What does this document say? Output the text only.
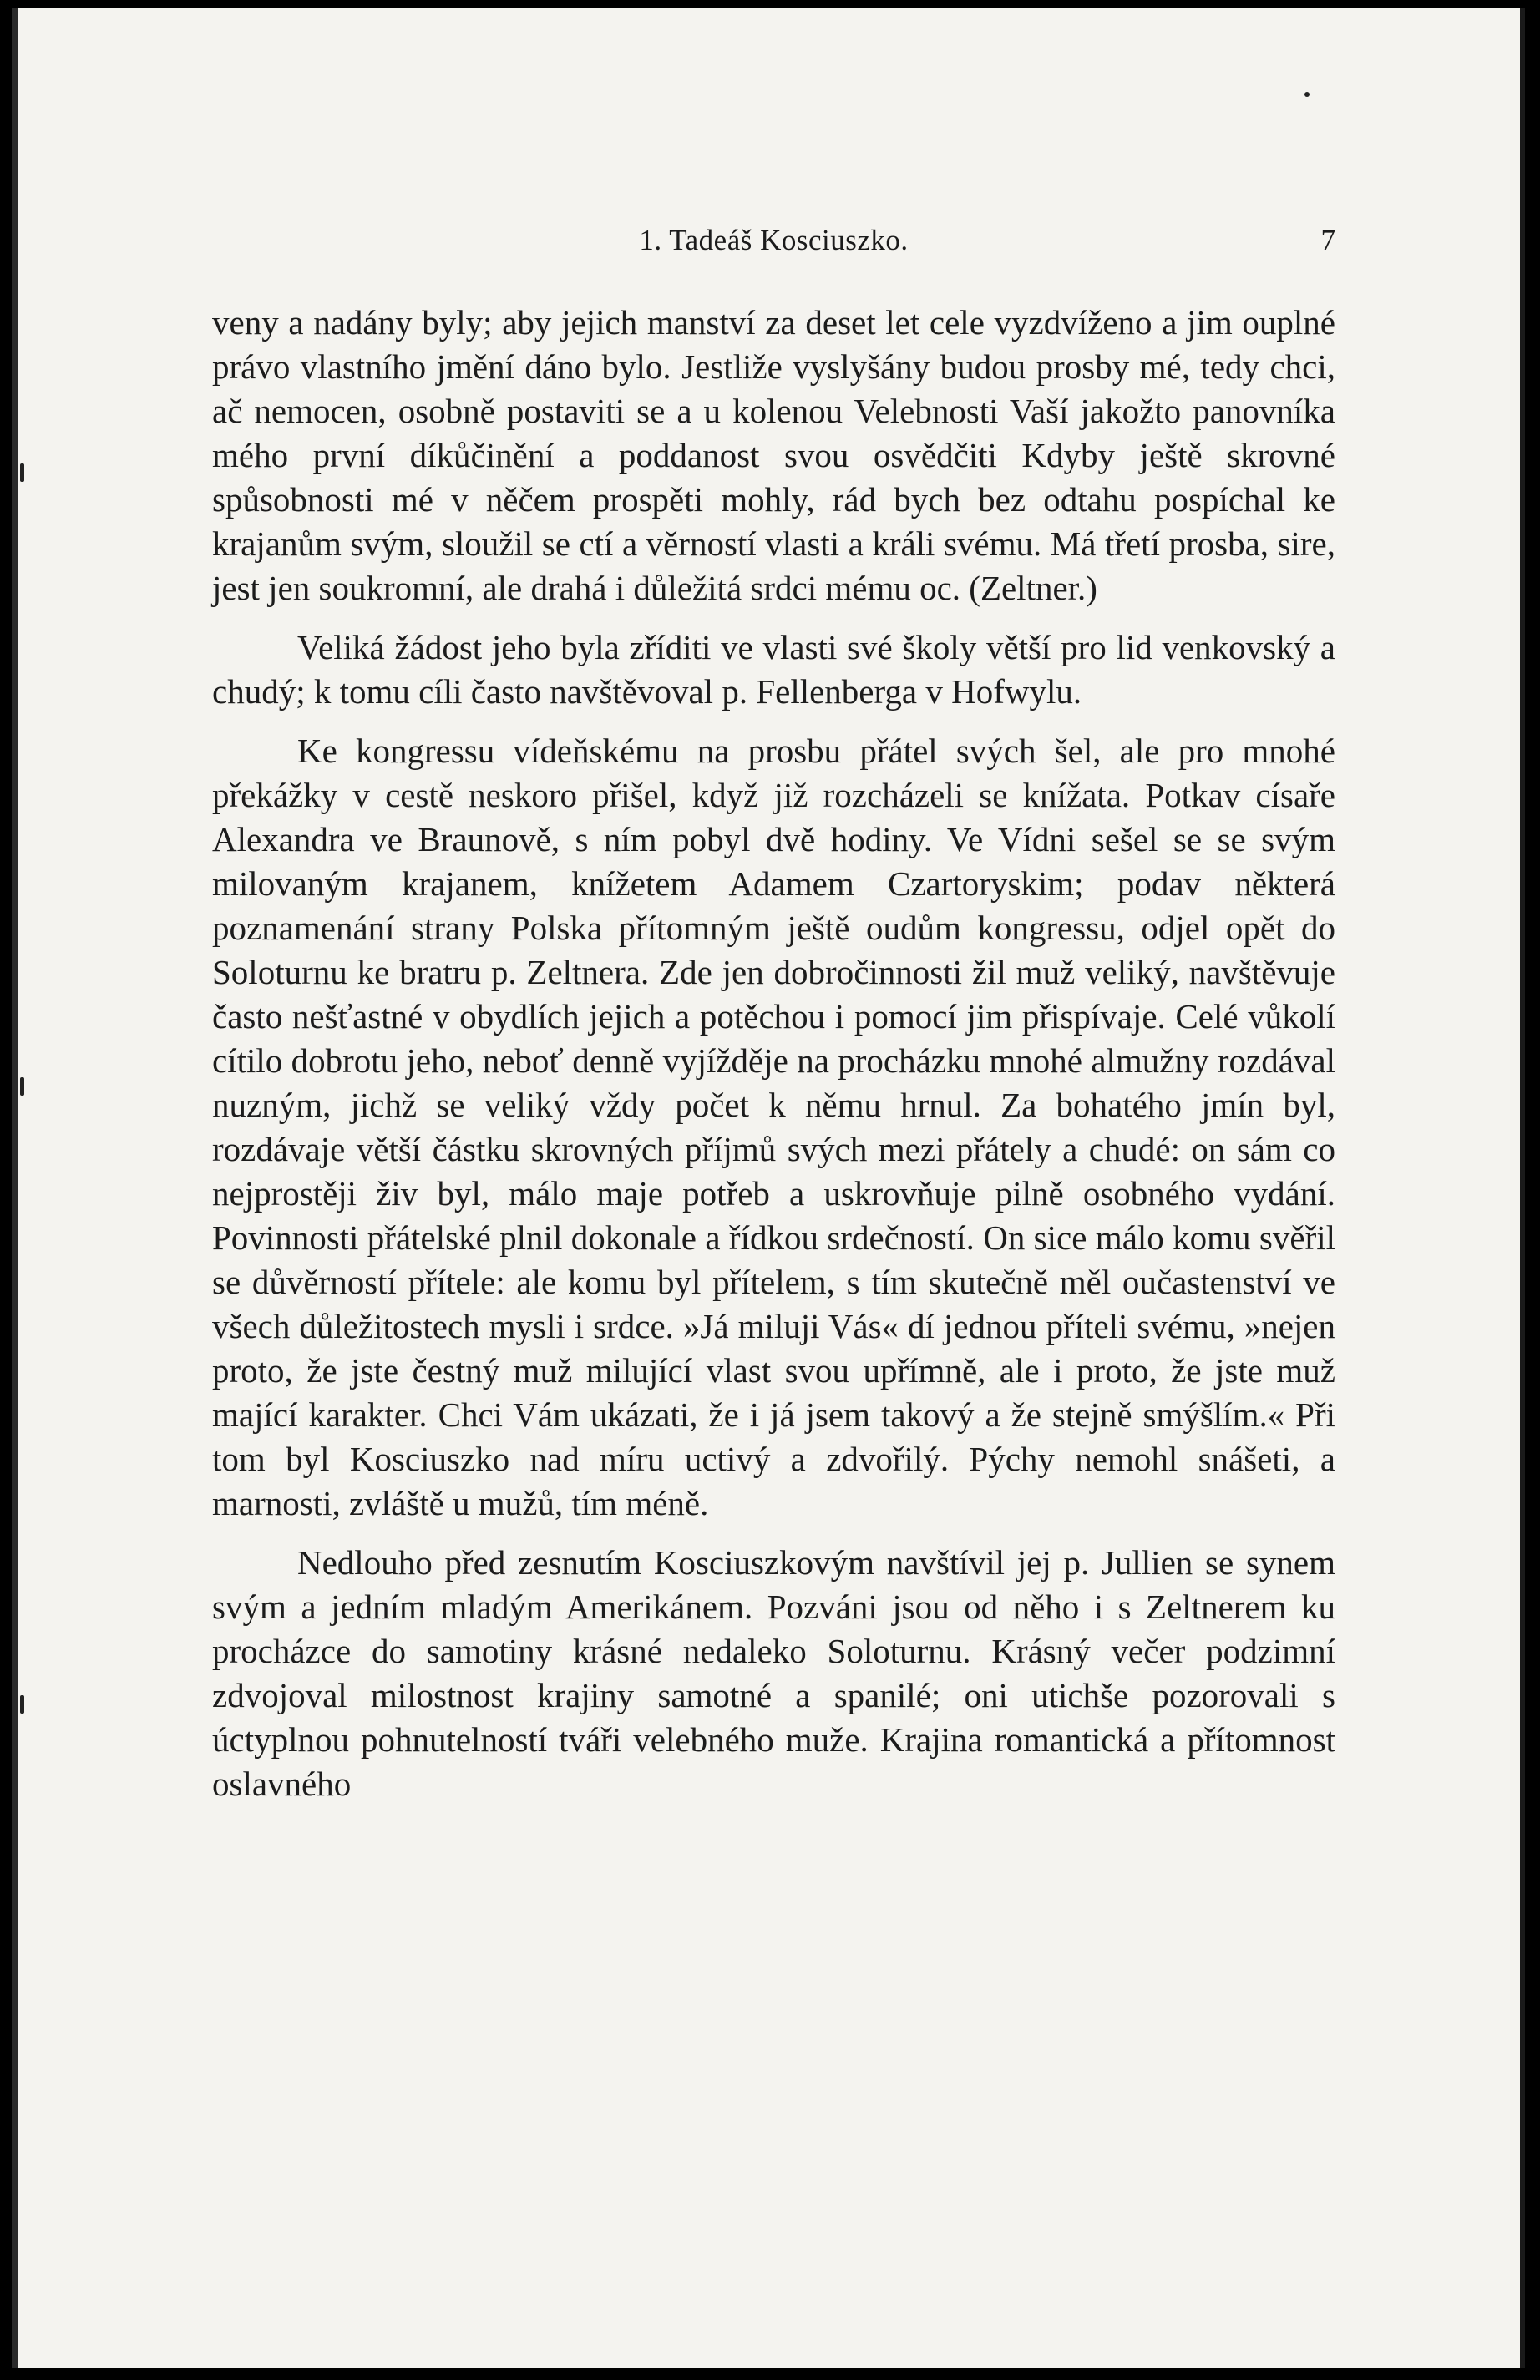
1. Tadeáš Kosciuszko.	7

veny a nadány byly; aby jejich manství za deset let cele vyzdvíženo a jim ouplné právo vlastního jmění dáno bylo. Jestliže vyslyšány budou prosby mé, tedy chci, ač nemocen, osobně postaviti se a u kolenou Velebnosti Vaší jakožto panovníka mého první díkůčinění a poddanost svou osvědčiti Kdyby ještě skrovné spůsobnosti mé v něčem prospěti mohly, rád bych bez odtahu pospíchal ke krajanům svým, sloužil se ctí a věrností vlasti a králi svému. Má třetí prosba, sire, jest jen soukromní, ale drahá i důležitá srdci mému oc. (Zeltner.)

Veliká žádost jeho byla zříditi ve vlasti své školy větší pro lid venkovský a chudý; k tomu cíli často navštěvoval p. Fellenberga v Hofwylu.

Ke kongressu vídeňskému na prosbu přátel svých šel, ale pro mnohé překážky v cestě neskoro přišel, když již rozcházeli se knížata. Potkav císaře Alexandra ve Braunově, s ním pobyl dvě hodiny. Ve Vídni sešel se se svým milovaným krajanem, knížetem Adamem Czartoryskim; podav některá poznamenání strany Polska přítomným ještě oudům kongressu, odjel opět do Soloturnu ke bratru p. Zeltnera. Zde jen dobročinnosti žil muž veliký, navštěvuje často nešťastné v obydlích jejich a potěchou i pomocí jim přispívaje. Celé vůkolí cítilo dobrotu jeho, neboť denně vyjížděje na procházku mnohé almužny rozdával nuzným, jichž se veliký vždy počet k němu hrnul. Za bohatého jmín byl, rozdávaje větší částku skrovných příjmů svých mezi přátely a chudé: on sám co nejprostěji živ byl, málo maje potřeb a uskrovňuje pilně osobného vydání. Povinnosti přátelské plnil dokonale a řídkou srdečností. On sice málo komu svěřil se důvěrností přítele: ale komu byl přítelem, s tím skutečně měl oučastenství ve všech důležitostech mysli i srdce. »Já miluji Vás« dí jednou příteli svému, »nejen proto, že jste čestný muž milující vlast svou upřímně, ale i proto, že jste muž mající karakter. Chci Vám ukázati, že i já jsem takový a že stejně smýšlím.« Při tom byl Kosciuszko nad míru uctivý a zdvořilý. Pýchy nemohl snášeti, a marnosti, zvláště u mužů, tím méně.

Nedlouho před zesnutím Kosciuszkovým navštívil jej p. Jullien se synem svým a jedním mladým Amerikánem. Pozváni jsou od něho i s Zeltnerem ku procházce do samotiny krásné nedaleko Soloturnu. Krásný večer podzimní zdvojoval milostnost krajiny samotné a spanilé; oni utichše pozorovali s úctyplnou pohnutelností tváři velebného muže. Krajina romantická a přítomnost oslavného
